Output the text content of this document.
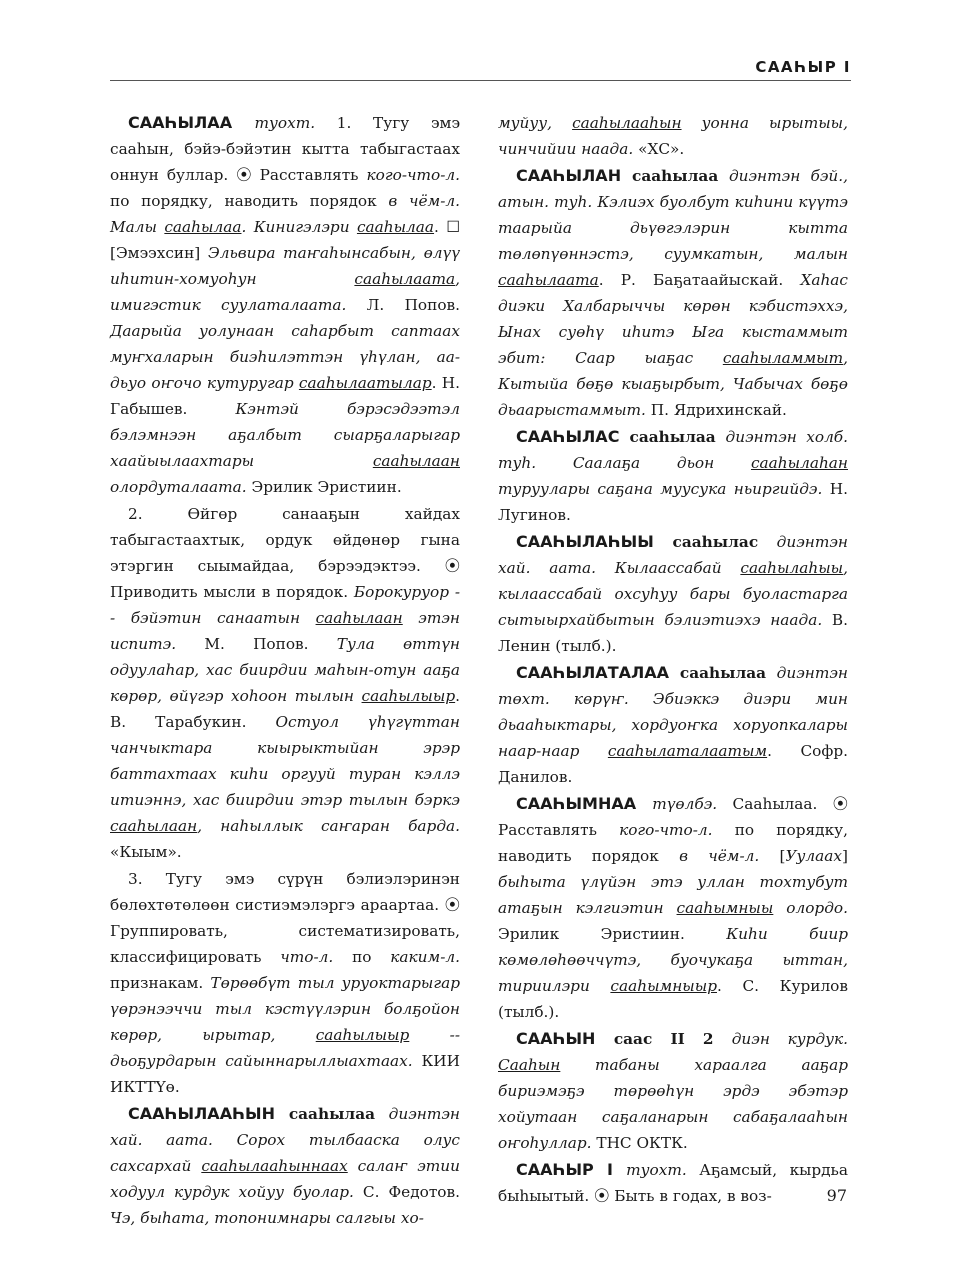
СААҺЫР I

СААҺЫЛАА туохт. 1. Тугу эмэ сааһын, бэйэ-бэйэтин кытта табыгастаах оннун буллар. ⦿ Расставлять кого-что-л. по порядку, наводить порядок в чём-л. Малы сааһылаа. Кинигэлэри сааһылаа. ☐ [Эмээхсин] Эльвира таҥаһынсабын, өлүү иһитин-хомуоһун сааһылаата, имигэстик суулаталаата. Л. Попов. Даарыйа уолунаан саһарбыт саптаах муҥхаларын биэһилэттэн үһүлан, аа-дьуо оҥочо кутуругар сааһылаатылар. Н. Габышев. Кэнтэй бэрэсэдээтэл бэлэмнээн аҕалбыт сыарҕаларыгар хаайыылаахтары сааһылаан олордуталаата. Эрилик Эристиин.

2. Өйгөр санааҕын хайдах табыгастаахтык, ордук өйдөнөр гына этэргин сыымайдаа, бэрээдэктээ. ⦿ Приводить мысли в порядок. Борокуруор -- бэйэтин санаатын сааһылаан этэн испитэ. М. Попов. Тула өттүн одуулаһар, хас биирдии маһын-отун ааҕа көрөр, өйүгэр хоһоон тылын сааһылыыр. В. Тарабукин. Остуол үһүгүттан чанчыктара кыырыктыйан эрэр баттахтаах киһи оргууй туран кэллэ итиэннэ, хас биирдии этэр тылын бэркэ сааһылаан, наһыллык саҥаран барда. «Кыым».

3. Тугу эмэ сүрүн бэлиэлэринэн бөлөхтөтөлөөн систиэмэлэргэ араартаа. ⦿ Группировать, систематизировать, классифицировать что-л. по каким-л. признакам. Төрөөбүт тыл уруоктарыгар үөрэнээччи тыл кэстүүлэрин болҕойон көрөр, ырытар, сааһылыыр -- дьоҕурдарын сайыннарыллыахтаах. КИИ ИКТТҮө.

СААҺЫЛААҺЫН сааһылаа диэнтэн хай. аата. Сорох тылбааска олус сахсархай сааһылааһыннаах салаҥ этии ходуул курдук хойуу буолар. С. Федотов. Чэ, быһата, топонимнары салгыы хо-

муйуу, сааһылааһын уонна ырытыы, чинчийии наада. «ХС».

СААҺЫЛАН сааһылаа диэнтэн бэй., атын. туһ. Кэлиэх буолбут киһини күүтэ таарыйа дьүөгэлэрин кытта төлөпүөннэстэ, суумкатын, малын сааһылаата. Р. Баҕатаайыскай. Хаһас диэки Халбарыччы көрөн кэбистэххэ, Ынах суөһү иһитэ Ыга кыстаммыт эбит: Саар ыаҕас сааһыламмыт, Кытыйа бөҕө кыаҕырбыт, Чабычах бөҕө дьаарыстаммыт. П. Ядрихинскай.

СААҺЫЛАС сааһылаа диэнтэн холб. туһ. Саалаҕа дьон сааһылаһан туруулары саҕана муусука ньиргийдэ. Н. Лугинов.

СААҺЫЛАҺЫЫ сааһылас диэнтэн хай. аата. Кылаассабай сааһылаһыы, кылаассабай охсуһуу бары буоластарга сытыырхайбытын бэлиэтиэхэ наада. В. Ленин (тылб.).

СААҺЫЛАТАЛАА сааһылаа диэнтэн төхт. көрүҥ. Эбиэккэ диэри мин дьааһыктары, хордуоҥка хоруопкалары наар-наар сааһылаталаатым. Софр. Данилов.

СААҺЫМНАА түөлбэ. Сааһылаа. ⦿ Расставлять кого-что-л. по порядку, наводить порядок в чём-л. [Уулаах] быһыта үлүйэн этэ уллан тохтубут атаҕын кэлгиэтин сааһымныы олордо. Эрилик Эристиин. Киһи биир көмөлөһөөччүтэ, буочукаҕа ыттан, тириилэри сааһымныыр. С. Курилов (тылб.).

СААҺЫН саас II 2 диэн курдук. Сааһын табаны хараалга ааҕар бириэмэҕэ төрөөһүн эрдэ эбэтэр хойутаан саҕаланарын сабаҕалааһын оҥоһуллар. ТНС ОКТК.

СААҺЫР I туохт. Аҕамсый, кырдьа быһыытый. ⦿ Быть в годах, в воз-	97
